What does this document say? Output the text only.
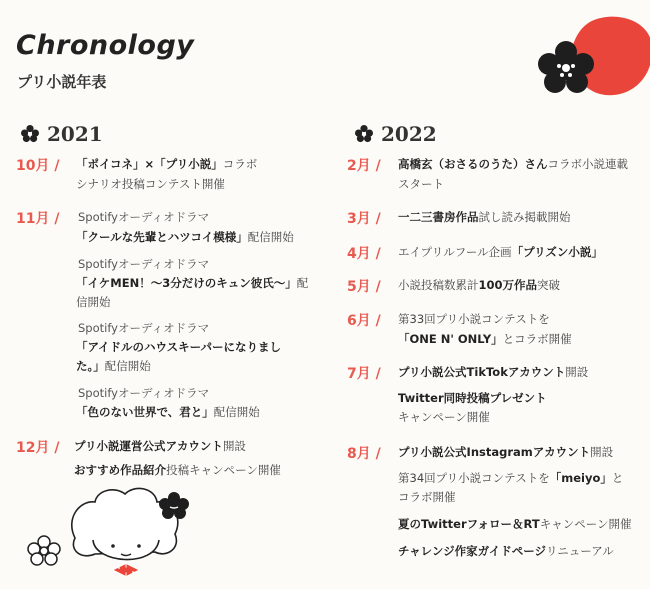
Chronology
プリ小説年表
2021	2022
10月 / 「ポイコネ」×「プリ小説」コラボ
シナリオ投稿コンテスト開催
11月 / Spotifyオーディオドラマ
「クールな先輩とハツコイ模様」配信開始
Spotifyオーディオドラマ
「イケMEN！〜3分だけのキュン彼氏〜」配
信開始
Spotifyオーディオドラマ
「アイドルのハウスキーパーになりまし
た。」配信開始
Spotifyオーディオドラマ
「色のない世界で、君と」配信開始
12月 / プリ小説運営公式アカウント開設
おすすめ作品紹介投稿キャンペーン開催
2月 / 高橋玄（おさるのうた）さんコラボ小説連載
スタート
3月 / 一二三書房作品試し読み掲載開始
4月 / エイプリルフール企画「プリズン小説」
5月 / 小説投稿数累計100万作品突破
6月 / 第33回プリ小説コンテストを
「ONE N' ONLY」とコラボ開催
7月 / プリ小説公式TikTokアカウント開設
Twitter同時投稿プレゼント
キャンペーン開催
8月 / プリ小説公式Instagramアカウント開設
第34回プリ小説コンテストを「meiyo」と
コラボ開催
夏のTwitterフォロー＆RTキャンペーン開催
チャレンジ作家ガイドページリニューアル
